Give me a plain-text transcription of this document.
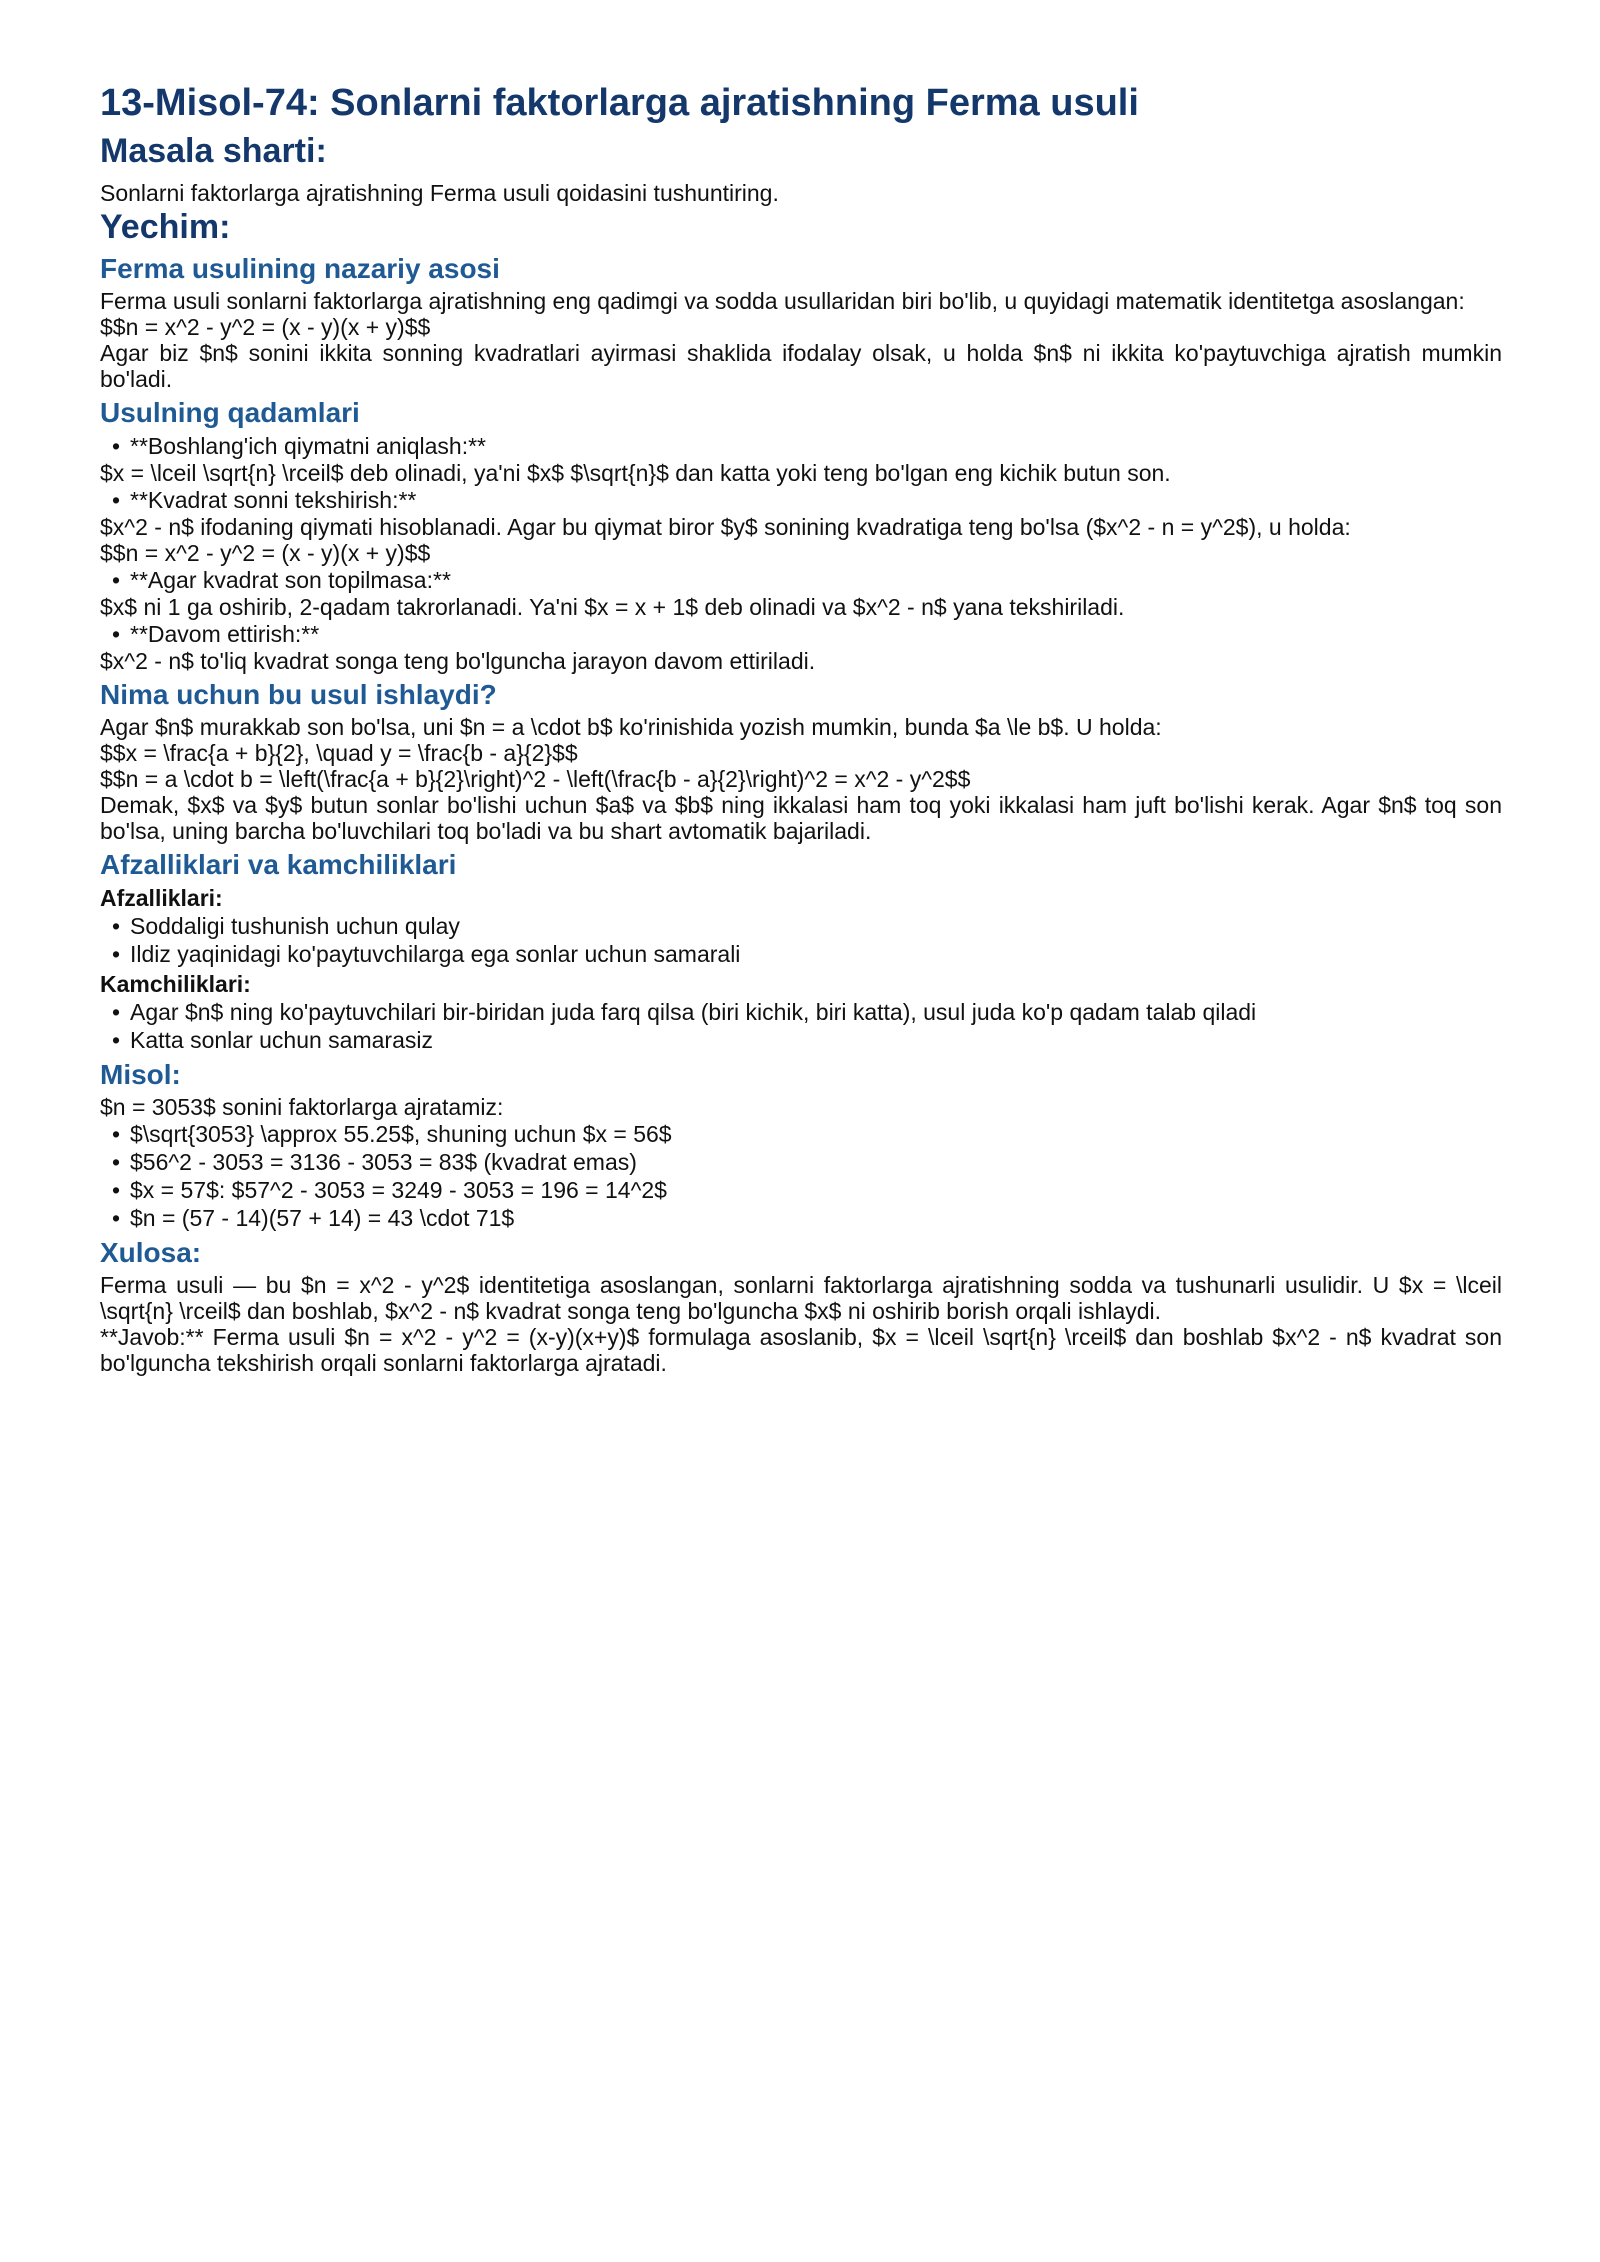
13-Misol-74: Sonlarni faktorlarga ajratishning Ferma usuli
Masala sharti:
Sonlarni faktorlarga ajratishning Ferma usuli qoidasini tushuntiring.
Yechim:
Ferma usulining nazariy asosi
Ferma usuli sonlarni faktorlarga ajratishning eng qadimgi va sodda usullaridan biri bo'lib, u quyidagi matematik identitetga asoslangan:
$$n = x^2 - y^2 = (x - y)(x + y)$$
Agar biz $n$ sonini ikkita sonning kvadratlari ayirmasi shaklida ifodalay olsak, u holda $n$ ni ikkita ko'paytuvchiga ajratish mumkin bo'ladi.
Usulning qadamlari
• **Boshlang'ich qiymatni aniqlash:**
$x = \lceil \sqrt{n} \rceil$ deb olinadi, ya'ni $x$ $\sqrt{n}$ dan katta yoki teng bo'lgan eng kichik butun son.
• **Kvadrat sonni tekshirish:**
$x^2 - n$ ifodaning qiymati hisoblanadi. Agar bu qiymat biror $y$ sonining kvadratiga teng bo'lsa ($x^2 - n = y^2$), u holda:
$$n = x^2 - y^2 = (x - y)(x + y)$$
• **Agar kvadrat son topilmasa:**
$x$ ni 1 ga oshirib, 2-qadam takrorlanadi. Ya'ni $x = x + 1$ deb olinadi va $x^2 - n$ yana tekshiriladi.
• **Davom ettirish:**
$x^2 - n$ to'liq kvadrat songa teng bo'lguncha jarayon davom ettiriladi.
Nima uchun bu usul ishlaydi?
Agar $n$ murakkab son bo'lsa, uni $n = a \cdot b$ ko'rinishida yozish mumkin, bunda $a \le b$. U holda:
$$x = \frac{a + b}{2}, \quad y = \frac{b - a}{2}$$
$$n = a \cdot b = \left(\frac{a + b}{2}\right)^2 - \left(\frac{b - a}{2}\right)^2 = x^2 - y^2$$
Demak, $x$ va $y$ butun sonlar bo'lishi uchun $a$ va $b$ ning ikkalasi ham toq yoki ikkalasi ham juft bo'lishi kerak. Agar $n$ toq son bo'lsa, uning barcha bo'luvchilari toq bo'ladi va bu shart avtomatik bajariladi.
Afzalliklari va kamchiliklari
Afzalliklari:
• Soddaligi tushunish uchun qulay
• Ildiz yaqinidagi ko'paytuvchilarga ega sonlar uchun samarali
Kamchiliklari:
• Agar $n$ ning ko'paytuvchilari bir-biridan juda farq qilsa (biri kichik, biri katta), usul juda ko'p qadam talab qiladi
• Katta sonlar uchun samarasiz
Misol:
$n = 3053$ sonini faktorlarga ajratamiz:
• $\sqrt{3053} \approx 55.25$, shuning uchun $x = 56$
• $56^2 - 3053 = 3136 - 3053 = 83$ (kvadrat emas)
• $x = 57$: $57^2 - 3053 = 3249 - 3053 = 196 = 14^2$
• $n = (57 - 14)(57 + 14) = 43 \cdot 71$
Xulosa:
Ferma usuli — bu $n = x^2 - y^2$ identitetiga asoslangan, sonlarni faktorlarga ajratishning sodda va tushunarli usulidir. U $x = \lceil \sqrt{n} \rceil$ dan boshlab, $x^2 - n$ kvadrat songa teng bo'lguncha $x$ ni oshirib borish orqali ishlaydi.
**Javob:** Ferma usuli $n = x^2 - y^2 = (x-y)(x+y)$ formulaga asoslanib, $x = \lceil \sqrt{n} \rceil$ dan boshlab $x^2 - n$ kvadrat son bo'lguncha tekshirish orqali sonlarni faktorlarga ajratadi.
